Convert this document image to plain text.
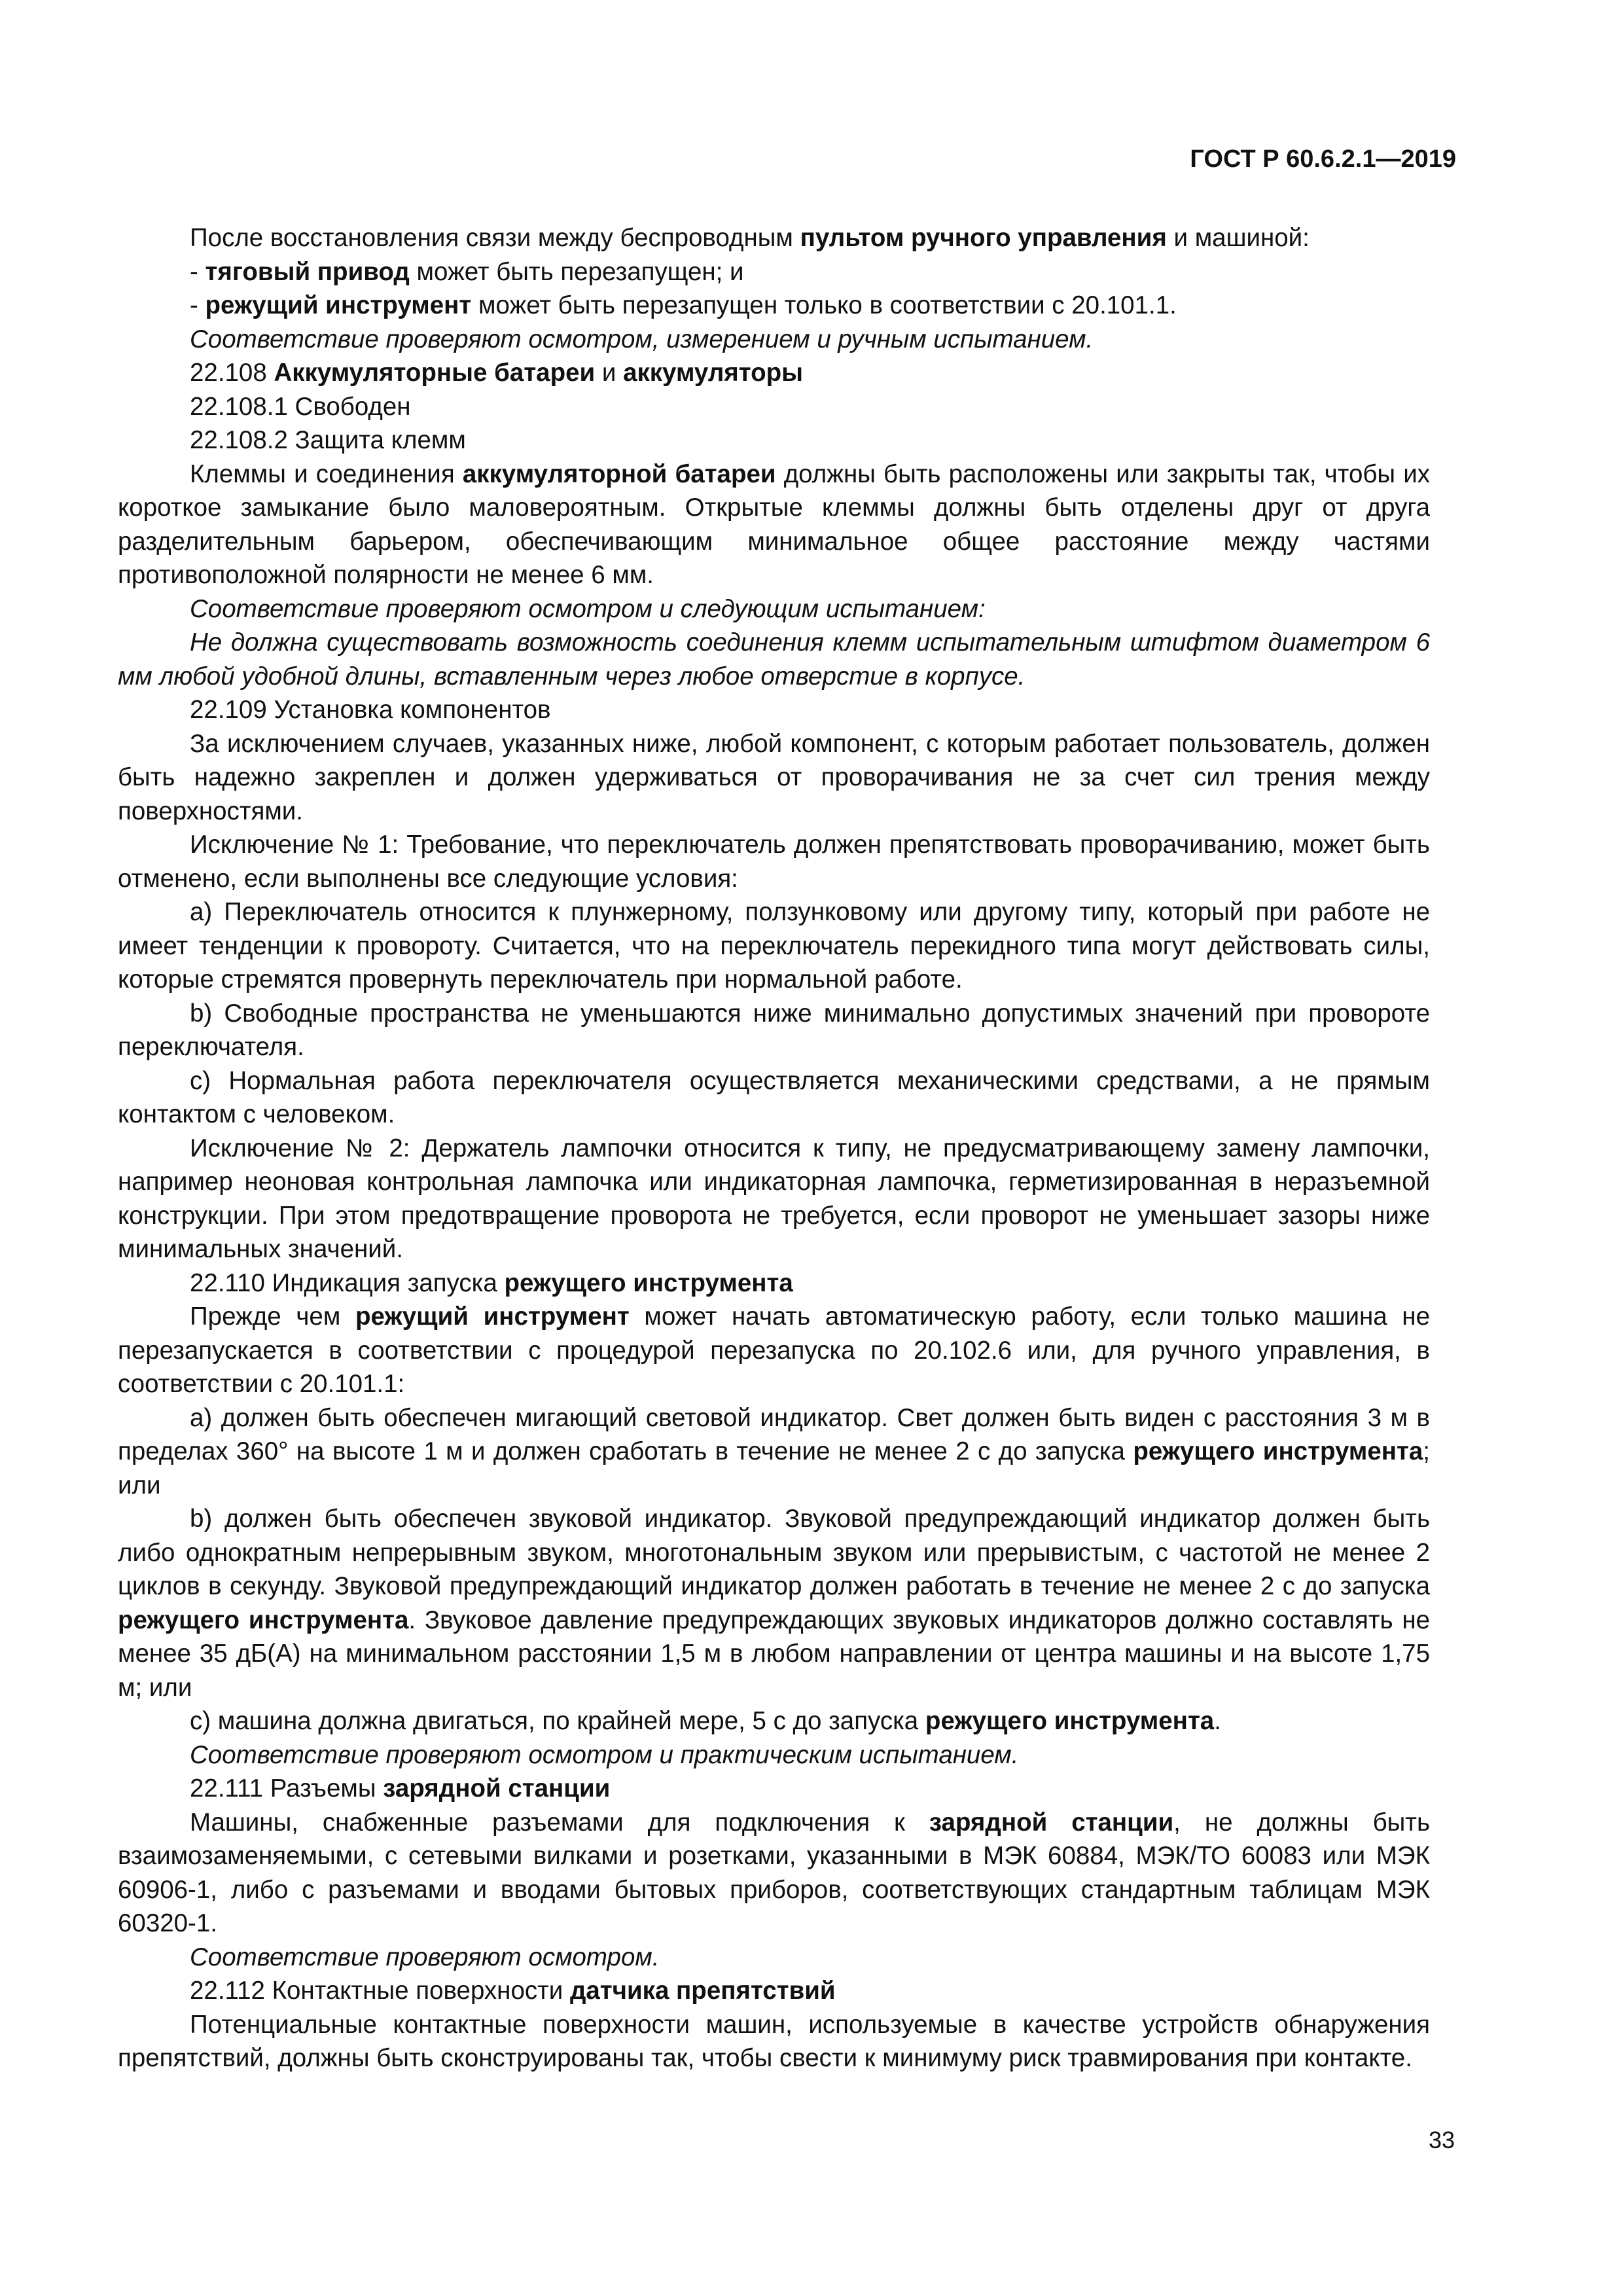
ГОСТ Р 60.6.2.1—2019
После восстановления связи между беспроводным пультом ручного управления и машиной:
- тяговый привод может быть перезапущен; и
- режущий инструмент может быть перезапущен только в соответствии с 20.101.1.
Соответствие проверяют осмотром, измерением и ручным испытанием.
22.108 Аккумуляторные батареи и аккумуляторы
22.108.1 Свободен
22.108.2 Защита клемм
Клеммы и соединения аккумуляторной батареи должны быть расположены или закрыты так, чтобы их короткое замыкание было маловероятным. Открытые клеммы должны быть отделены друг от друга разделительным барьером, обеспечивающим минимальное общее расстояние между частями противоположной полярности не менее 6 мм.
Соответствие проверяют осмотром и следующим испытанием:
Не должна существовать возможность соединения клемм испытательным штифтом диаметром 6 мм любой удобной длины, вставленным через любое отверстие в корпусе.
22.109 Установка компонентов
За исключением случаев, указанных ниже, любой компонент, с которым работает пользователь, должен быть надежно закреплен и должен удерживаться от проворачивания не за счет сил трения между поверхностями.
Исключение № 1: Требование, что переключатель должен препятствовать проворачиванию, может быть отменено, если выполнены все следующие условия:
a) Переключатель относится к плунжерному, ползунковому или другому типу, который при работе не имеет тенденции к провороту. Считается, что на переключатель перекидного типа могут действовать силы, которые стремятся провернуть переключатель при нормальной работе.
b) Свободные пространства не уменьшаются ниже минимально допустимых значений при провороте переключателя.
c) Нормальная работа переключателя осуществляется механическими средствами, а не прямым контактом с человеком.
Исключение № 2: Держатель лампочки относится к типу, не предусматривающему замену лампочки, например неоновая контрольная лампочка или индикаторная лампочка, герметизированная в неразъемной конструкции. При этом предотвращение проворота не требуется, если проворот не уменьшает зазоры ниже минимальных значений.
22.110 Индикация запуска режущего инструмента
Прежде чем режущий инструмент может начать автоматическую работу, если только машина не перезапускается в соответствии с процедурой перезапуска по 20.102.6 или, для ручного управления, в соответствии с 20.101.1:
a) должен быть обеспечен мигающий световой индикатор. Свет должен быть виден с расстояния 3 м в пределах 360° на высоте 1 м и должен сработать в течение не менее 2 с до запуска режущего инструмента; или
b) должен быть обеспечен звуковой индикатор. Звуковой предупреждающий индикатор должен быть либо однократным непрерывным звуком, многотональным звуком или прерывистым, с частотой не менее 2 циклов в секунду. Звуковой предупреждающий индикатор должен работать в течение не менее 2 с до запуска режущего инструмента. Звуковое давление предупреждающих звуковых индикаторов должно составлять не менее 35 дБ(А) на минимальном расстоянии 1,5 м в любом направлении от центра машины и на высоте 1,75 м; или
c) машина должна двигаться, по крайней мере, 5 с до запуска режущего инструмента.
Соответствие проверяют осмотром и практическим испытанием.
22.111 Разъемы зарядной станции
Машины, снабженные разъемами для подключения к зарядной станции, не должны быть взаимозаменяемыми, с сетевыми вилками и розетками, указанными в МЭК 60884, МЭК/ТО 60083 или МЭК 60906-1, либо с разъемами и вводами бытовых приборов, соответствующих стандартным таблицам МЭК 60320-1.
Соответствие проверяют осмотром.
22.112 Контактные поверхности датчика препятствий
Потенциальные контактные поверхности машин, используемые в качестве устройств обнаружения препятствий, должны быть сконструированы так, чтобы свести к минимуму риск травмирования при контакте.
33
